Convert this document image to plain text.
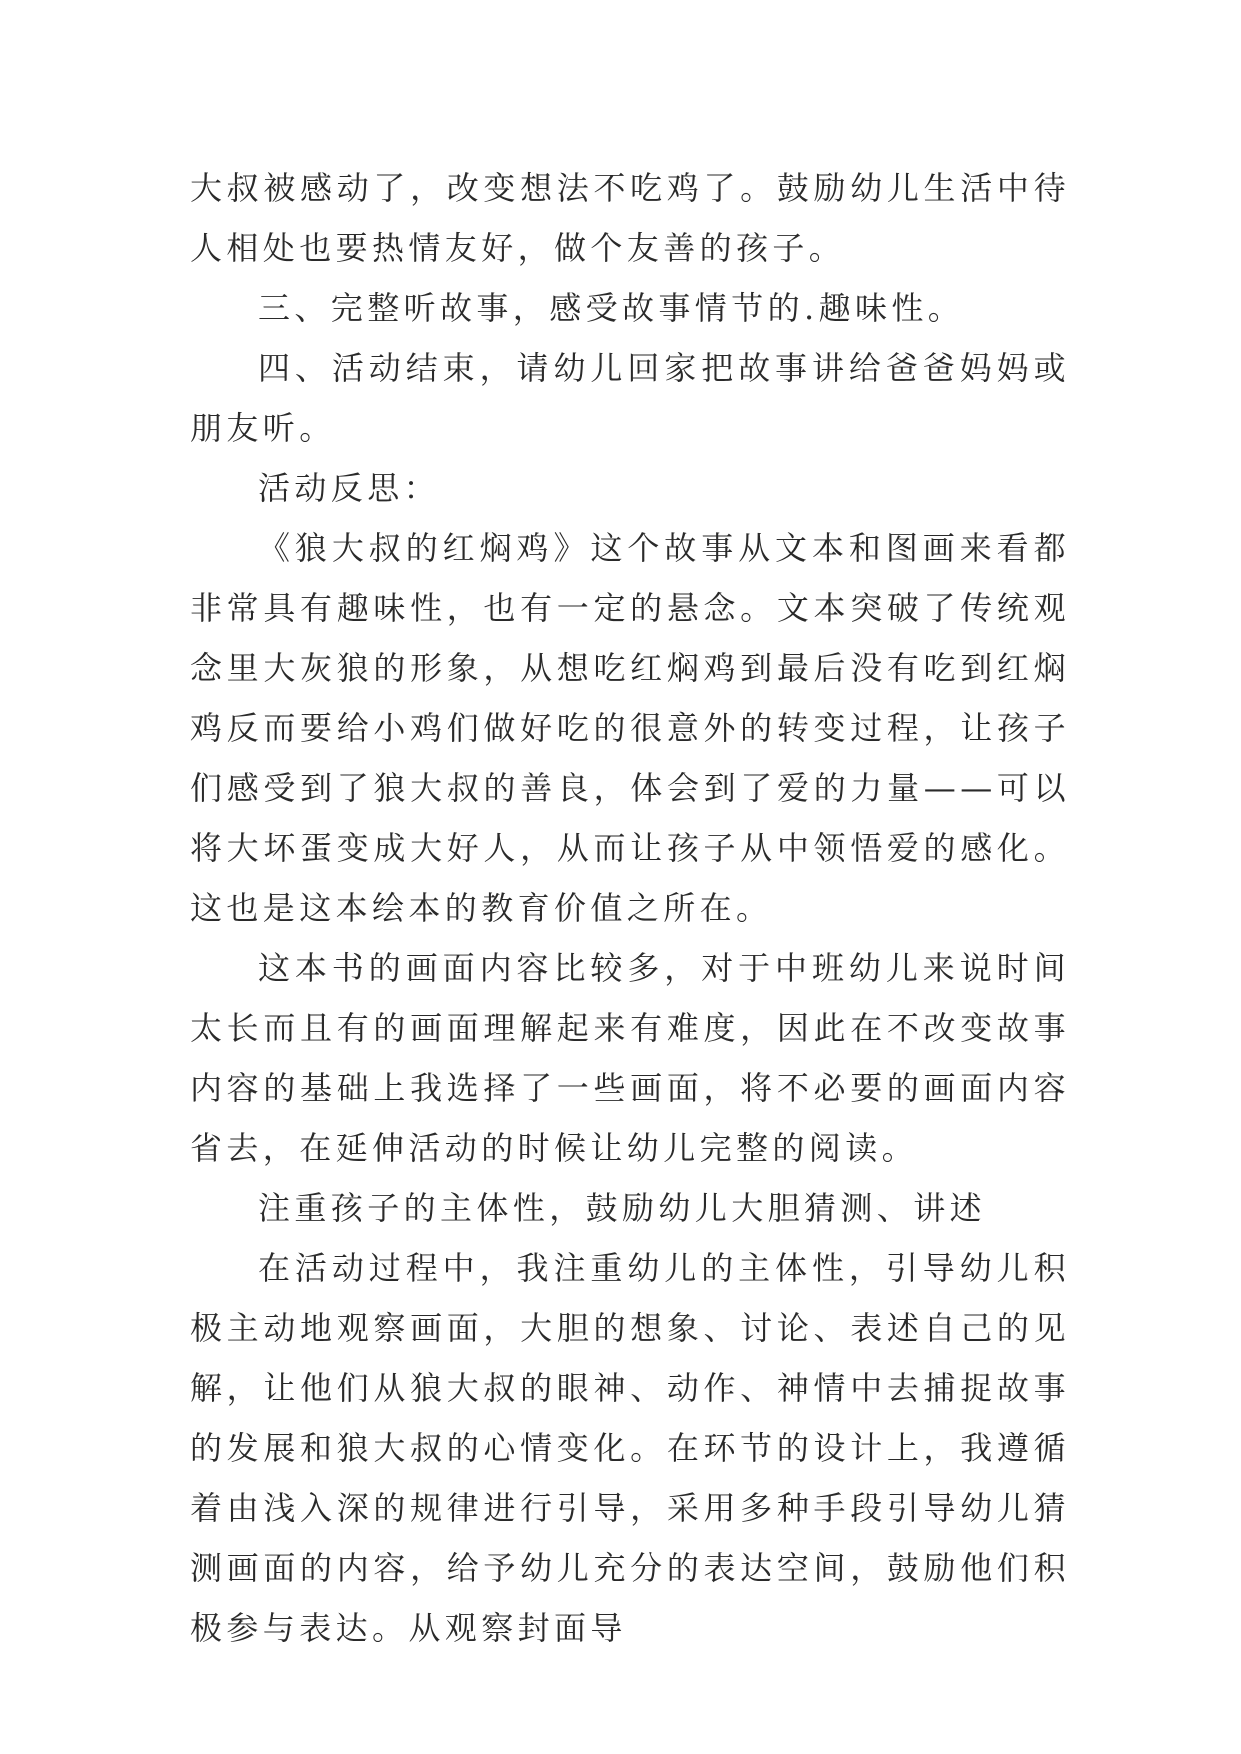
大叔被感动了，改变想法不吃鸡了。鼓励幼儿生活中待人相处也要热情友好，做个友善的孩子。

三、完整听故事，感受故事情节的.趣味性。

四、活动结束，请幼儿回家把故事讲给爸爸妈妈或朋友听。

活动反思：

《狼大叔的红焖鸡》这个故事从文本和图画来看都非常具有趣味性，也有一定的悬念。文本突破了传统观念里大灰狼的形象，从想吃红焖鸡到最后没有吃到红焖鸡反而要给小鸡们做好吃的很意外的转变过程，让孩子们感受到了狼大叔的善良，体会到了爱的力量——可以将大坏蛋变成大好人，从而让孩子从中领悟爱的感化。这也是这本绘本的教育价值之所在。

这本书的画面内容比较多，对于中班幼儿来说时间太长而且有的画面理解起来有难度，因此在不改变故事内容的基础上我选择了一些画面，将不必要的画面内容省去，在延伸活动的时候让幼儿完整的阅读。

注重孩子的主体性，鼓励幼儿大胆猜测、讲述

在活动过程中，我注重幼儿的主体性，引导幼儿积极主动地观察画面，大胆的想象、讨论、表述自己的见解，让他们从狼大叔的眼神、动作、神情中去捕捉故事的发展和狼大叔的心情变化。在环节的设计上，我遵循着由浅入深的规律进行引导，采用多种手段引导幼儿猜测画面的内容，给予幼儿充分的表达空间，鼓励他们积极参与表达。从观察封面导
